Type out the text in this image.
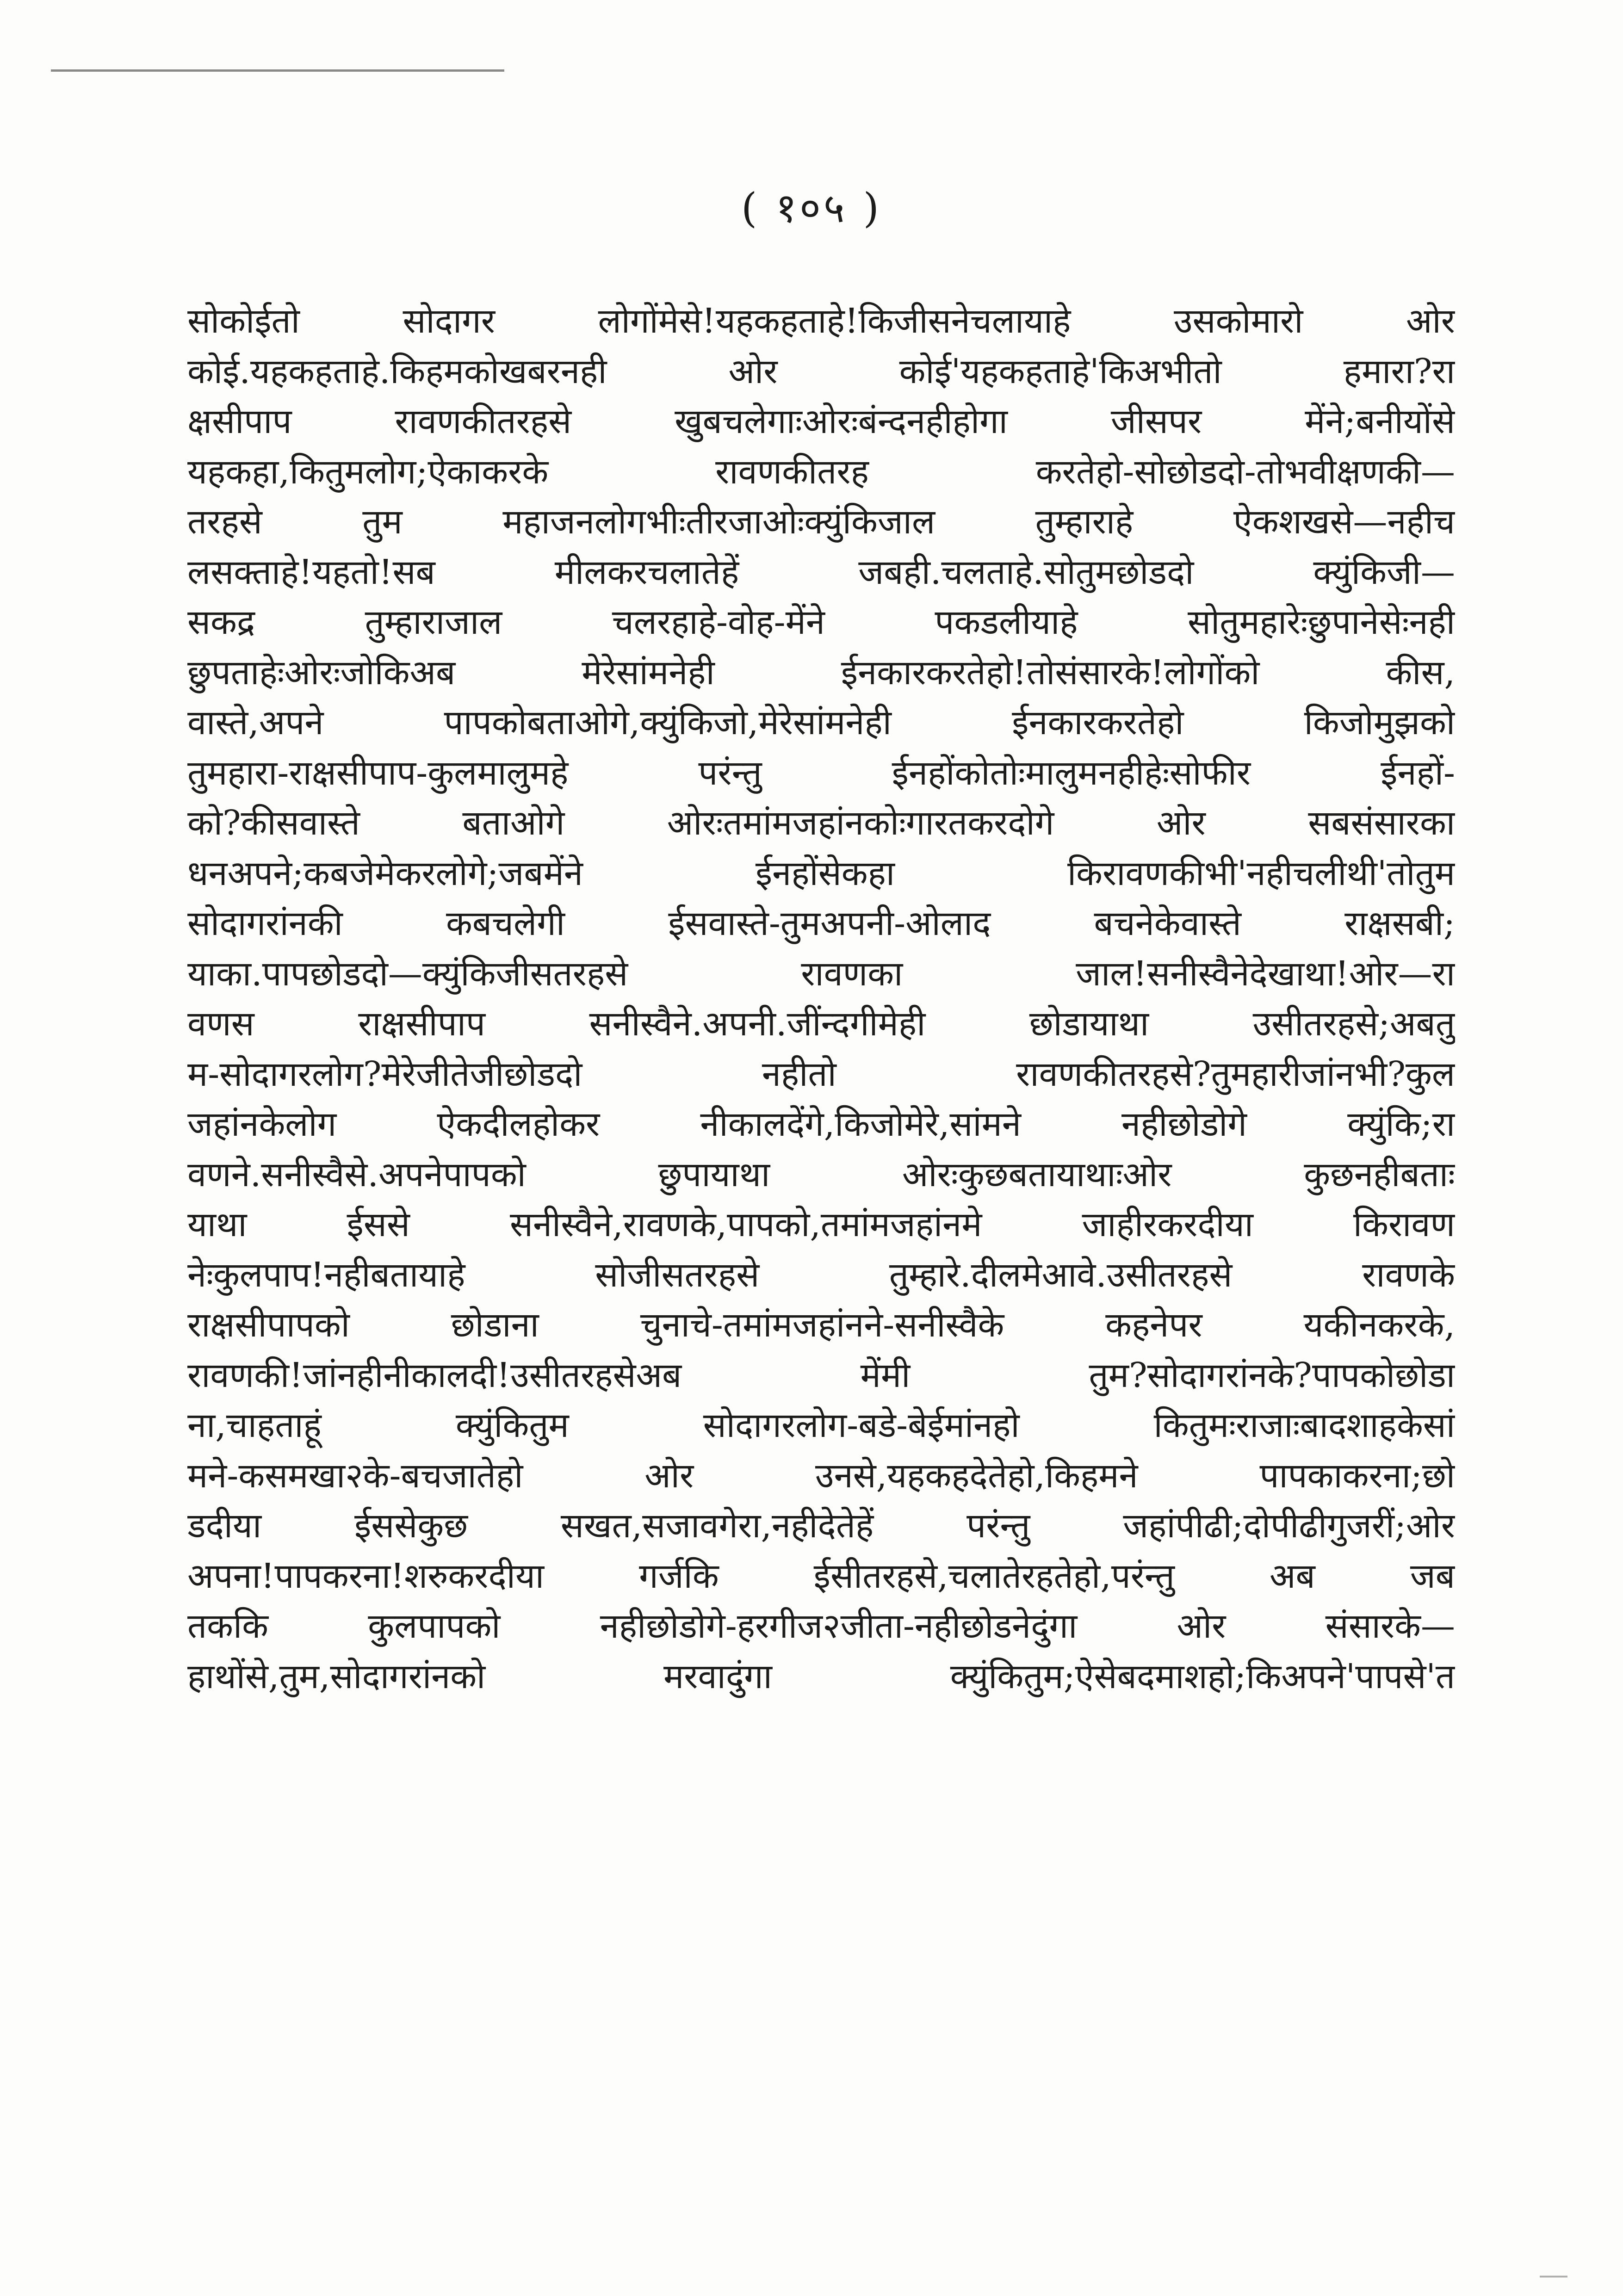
( १०५ )
सोकोईतो सोदागर लोगोंमेसे!यहकहताहे!किजीसनेचलायाहे उसकोमारो ओर
कोई.यहकहताहे.किहमकोखबरनही ओर कोई'यहकहताहे'किअभीतो हमारा?रा
क्षसीपाप रावणकीतरहसे खुबचलेगाःओरःबंन्दनहीहोगा जीसपर मेंने;बनीयोंसे
यहकहा,कितुमलोग;ऐकाकरके रावणकीतरह करतेहो-सोछोडदो-तोभवीक्षणकी—
तरहसे तुम महाजनलोगभीःतीरजाओःक्युंकिजाल तुम्हाराहे ऐकशखसे—नहीच
लसक्ताहे!यहतो!सब मीलकरचलातेहें जबही.चलताहे.सोतुमछोडदो क्युंकिजी—
सकद्र तुम्हाराजाल चलरहाहे-वोह-मेंने पकडलीयाहे सोतुमहारेःछुपानेसेःनही
छुपताहेःओरःजोकिअब मेरेसांमनेही ईनकारकरतेहो!तोसंसारके!लोगोंको कीस,
वास्ते,अपने पापकोबताओगे,क्युंकिजो,मेरेसांमनेही ईनकारकरतेहो किजोमुझको
तुमहारा-राक्षसीपाप-कुलमालुमहे परंन्तु ईनहोंकोतोःमालुमनहीहेःसोफीर ईनहों-
को?कीसवास्ते बताओगे ओरःतमांमजहांनकोःगारतकरदोगे ओर सबसंसारका
धनअपने;कबजेमेकरलोगे;जबमेंने ईनहोंसेकहा किरावणकीभी'नहीचलीथी'तोतुम
सोदागरांनकी कबचलेगी ईसवास्ते-तुमअपनी-ओलाद बचनेकेवास्ते राक्षसबी;
याका.पापछोडदो—क्युंकिजीसतरहसे रावणका जाल!सनीस्वैनेदेखाथा!ओर—रा
वणस राक्षसीपाप सनीस्वैने.अपनी.जींन्दगीमेही छोडायाथा उसीतरहसे;अबतु
म-सोदागरलोग?मेरेजीतेजीछोडदो नहीतो रावणकीतरहसे?तुमहारीजांनभी?कुल
जहांनकेलोग ऐकदीलहोकर नीकालदेंगे,किजोमेरे,सांमने नहीछोडोगे क्युंकि;रा
वणने.सनीस्वैसे.अपनेपापको छुपायाथा ओरःकुछबतायाथाःओर कुछनहीबताः
याथा ईससे सनीस्वैने,रावणके,पापको,तमांमजहांनमे जाहीरकरदीया किरावण
नेःकुलपाप!नहीबतायाहे सोजीसतरहसे तुम्हारे.दीलमेआवे.उसीतरहसे रावणके
राक्षसीपापको छोडाना चुनाचे-तमांमजहांनने-सनीस्वैके कहनेपर यकीनकरके,
रावणकी!जांनहीनीकालदी!उसीतरहसेअब मेंमी तुम?सोदागरांनके?पापकोछोडा
ना,चाहताहूं क्युंकितुम सोदागरलोग-बडे-बेईमांनहो कितुमःराजाःबादशाहकेसां
मने-कसमखा२के-बचजातेहो ओर उनसे,यहकहदेतेहो,किहमने पापकाकरना;छो
डदीया ईससेकुछ सखत,सजावगेरा,नहीदेतेहें परंन्तु जहांपीढी;दोपीढीगुजरीं;ओर
अपना!पापकरना!शरुकरदीया गर्जकि ईसीतरहसे,चलातेरहतेहो,परंन्तु अब जब
तककि कुलपापको नहीछोडोगे-हरगीज२जीता-नहीछोडनेदुंगा ओर संसारके—
हाथोंसे,तुम,सोदागरांनको मरवादुंगा क्युंकितुम;ऐसेबदमाशहो;किअपने'पापसे'त
